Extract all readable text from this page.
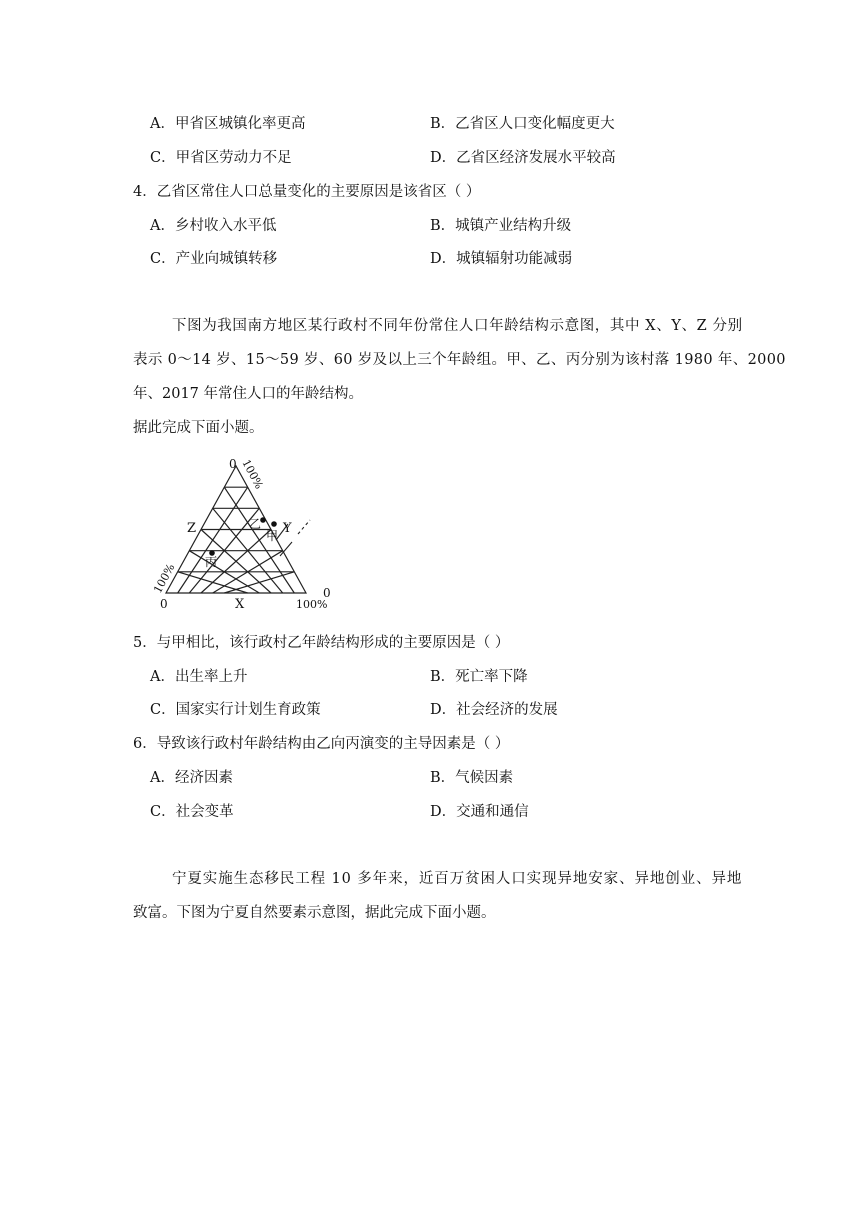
A．甲省区城镇化率更高	B．乙省区人口变化幅度更大
C．甲省区劳动力不足	D．乙省区经济发展水平较高
4．乙省区常住人口总量变化的主要原因是该省区（ ）
A．乡村收入水平低	B．城镇产业结构升级
C．产业向城镇转移	D．城镇辐射功能减弱
下图为我国南方地区某行政村不同年份常住人口年龄结构示意图，其中 X、Y、Z 分别
表示 0～14 岁、15～59 岁、60 岁及以上三个年龄组。甲、乙、丙分别为该村落 1980 年、2000
年、2017 年常住人口的年龄结构。
据此完成下面小题。
0 100%
Z	Y
100%
0	X	100%
0
乙
甲
丙
5．与甲相比，该行政村乙年龄结构形成的主要原因是（ ）
A．出生率上升	B．死亡率下降
C．国家实行计划生育政策	D．社会经济的发展
6．导致该行政村年龄结构由乙向丙演变的主导因素是（ ）
A．经济因素	B．气候因素
C．社会变革	D．交通和通信
宁夏实施生态移民工程 10 多年来，近百万贫困人口实现异地安家、异地创业、异地
致富。下图为宁夏自然要素示意图，据此完成下面小题。
